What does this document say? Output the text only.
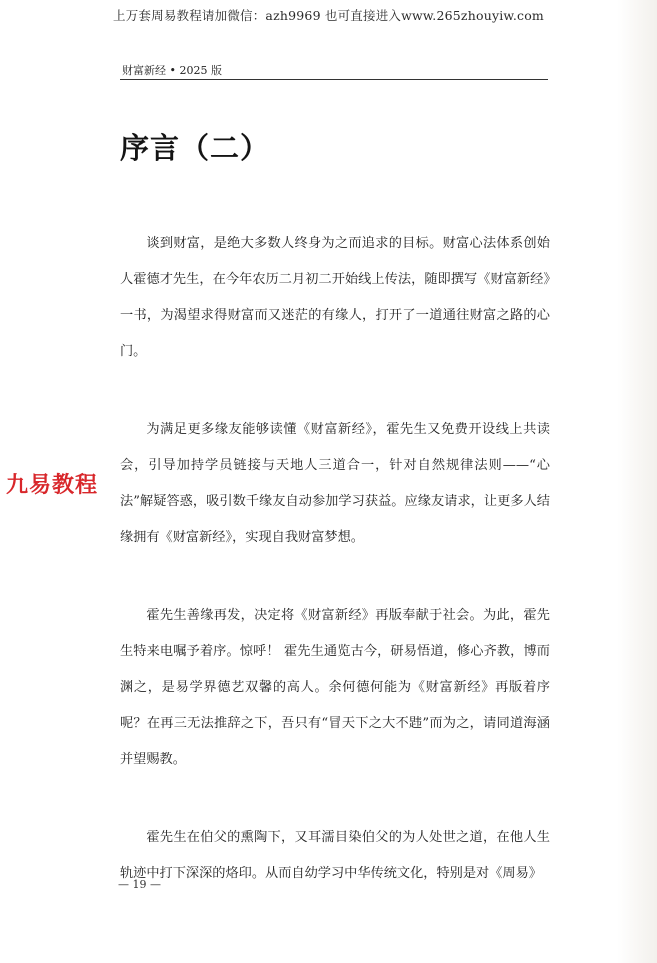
上万套周易教程请加微信：azh9969 也可直接进入www.265zhouyiw.com
财富新经 • 2025 版
序言（二）

谈到财富，是绝大多数人终身为之而追求的目标。财富心法体系创始人霍德才先生，在今年农历二月初二开始线上传法，随即撰写《财富新经》一书，为渴望求得财富而又迷茫的有缘人，打开了一道通往财富之路的心门。

为满足更多缘友能够读懂《财富新经》，霍先生又免费开设线上共读会，引导加持学员链接与天地人三道合一，针对自然规律法则——“心法”解疑答惑，吸引数千缘友自动参加学习获益。应缘友请求，让更多人结缘拥有《财富新经》，实现自我财富梦想。

霍先生善缘再发，决定将《财富新经》再版奉献于社会。为此，霍先生特来电嘱予着序。惊呼！ 霍先生通览古今，研易悟道，修心齐教，博而渊之，是易学界德艺双馨的高人。余何德何能为《财富新经》再版着序呢？在再三无法推辞之下，吾只有“冒天下之大不韪”而为之，请同道海涵并望赐教。

霍先生在伯父的熏陶下，又耳濡目染伯父的为人处世之道，在他人生轨迹中打下深深的烙印。从而自幼学习中华传统文化，特别是对《周易》

九易教程
— 19 —
